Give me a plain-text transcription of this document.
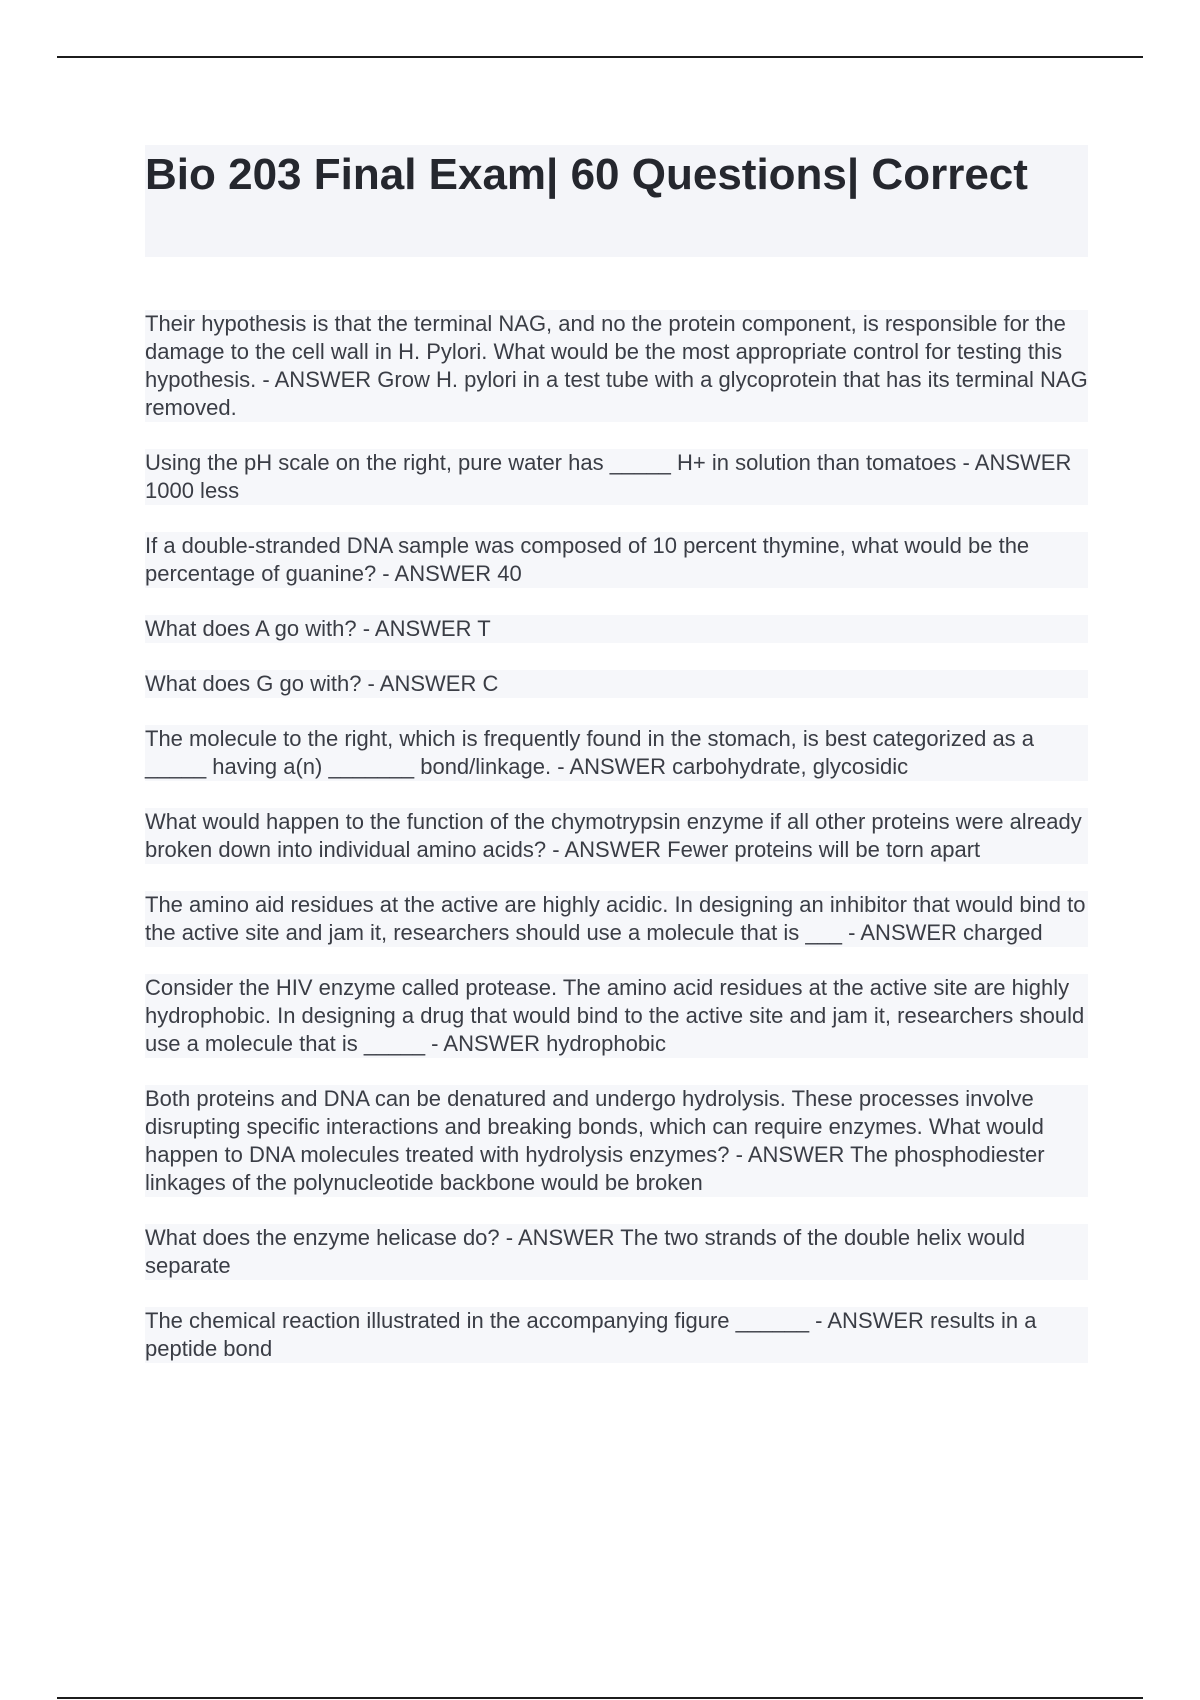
Bio 203 Final Exam| 60 Questions| Correct

Their hypothesis is that the terminal NAG, and no the protein component, is responsible for the damage to the cell wall in H. Pylori. What would be the most appropriate control for testing this hypothesis. - ANSWER Grow H. pylori in a test tube with a glycoprotein that has its terminal NAG removed.

Using the pH scale on the right, pure water has _____ H+ in solution than tomatoes - ANSWER 1000 less

If a double-stranded DNA sample was composed of 10 percent thymine, what would be the percentage of guanine? - ANSWER 40

What does A go with? - ANSWER T

What does G go with? - ANSWER C

The molecule to the right, which is frequently found in the stomach, is best categorized as a _____ having a(n) _______ bond/linkage. - ANSWER carbohydrate, glycosidic

What would happen to the function of the chymotrypsin enzyme if all other proteins were already broken down into individual amino acids? - ANSWER Fewer proteins will be torn apart

The amino aid residues at the active are highly acidic. In designing an inhibitor that would bind to the active site and jam it, researchers should use a molecule that is ___ - ANSWER charged

Consider the HIV enzyme called protease. The amino acid residues at the active site are highly hydrophobic. In designing a drug that would bind to the active site and jam it, researchers should use a molecule that is _____ - ANSWER hydrophobic

Both proteins and DNA can be denatured and undergo hydrolysis. These processes involve disrupting specific interactions and breaking bonds, which can require enzymes. What would happen to DNA molecules treated with hydrolysis enzymes? - ANSWER The phosphodiester linkages of the polynucleotide backbone would be broken

What does the enzyme helicase do? - ANSWER The two strands of the double helix would separate

The chemical reaction illustrated in the accompanying figure ______ - ANSWER results in a peptide bond
